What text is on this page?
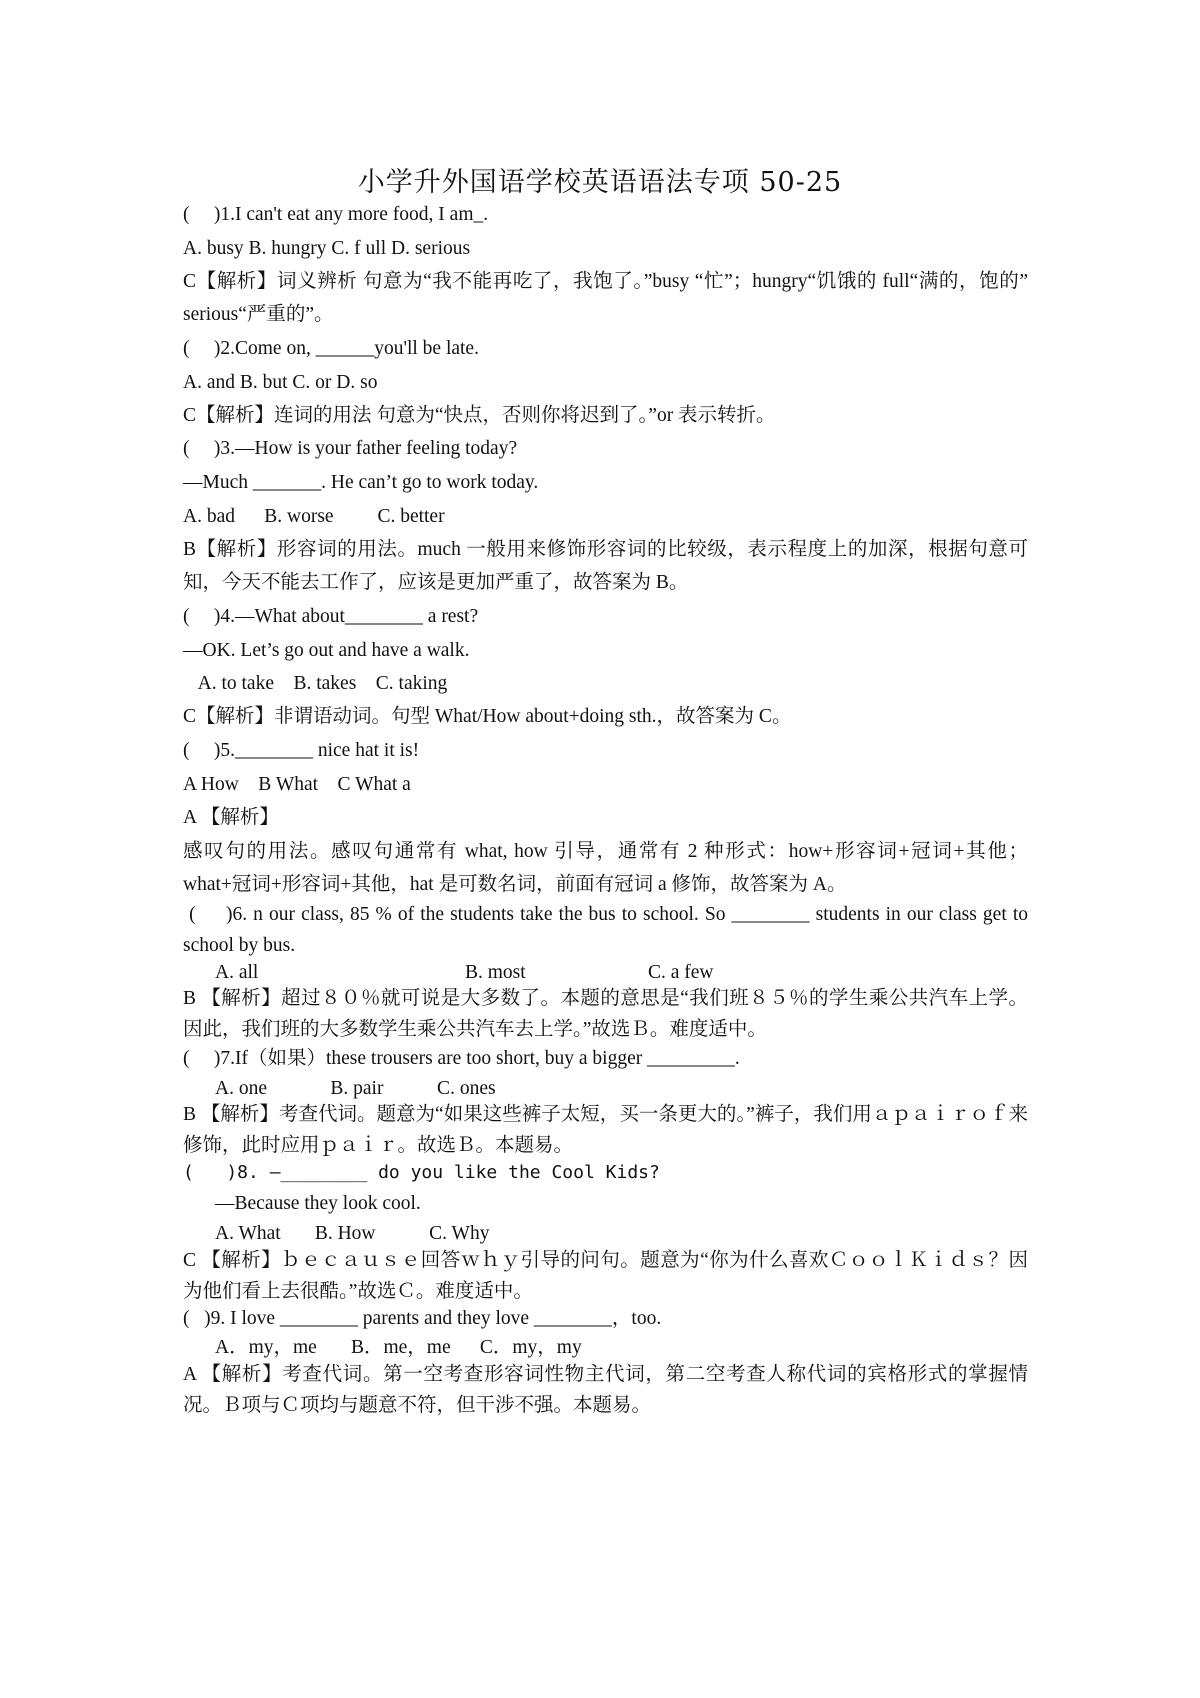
小学升外国语学校英语语法专项 50-25
(     )1.I can't eat any more food, I am_.
A. busy B. hungry C. f ull D. serious
C【解析】词义辨析 句意为“我不能再吃了，我饱了。”busy “忙”；hungry“饥饿的 full“满的，饱的” serious“严重的”。
(     )2.Come on, ______you'll be late.
A. and B. but C. or D. so
C【解析】连词的用法 句意为“快点，否则你将迟到了。”or 表示转折。
(     )3.—How is your father feeling today?
—Much _______. He can’t go to work today.
A. bad      B. worse         C. better
B【解析】形容词的用法。much 一般用来修饰形容词的比较级，表示程度上的加深，根据句意可知，今天不能去工作了，应该是更加严重了，故答案为 B。
(     )4.—What about________ a rest?
—OK. Let’s go out and have a walk.
A. to take    B. takes    C. taking
C【解析】非谓语动词。句型 What/How about+doing sth.，故答案为 C。
(     )5.________ nice hat it is!
A How    B What    C What a
A 【解析】
感叹句的用法。感叹句通常有 what, how 引导，通常有 2 种形式：how+形容词+冠词+其他；what+冠词+形容词+其他，hat 是可数名词，前面有冠词 a 修饰，故答案为 A。
(     )6. n our class, 85 % of the students take the bus to school. So ________ students in our class get to school by bus.
A. all	B. most	C. a few
B 【解析】超过８０％就可说是大多数了。本题的意思是“我们班８５％的学生乘公共汽车上学。因此，我们班的大多数学生乘公共汽车去上学。”故选Ｂ。难度适中。
(     )7.If（如果）these trousers are too short, buy a bigger _________.
A. one             B. pair           C. ones
B 【解析】考查代词。题意为“如果这些裤子太短，买一条更大的。”裤子，我们用ａｐａｉｒｏｆ来修饰，此时应用ｐａｉｒ。故选Ｂ。本题易。
(   )8. —________ do you like the Cool Kids?
—Because they look cool.
A. What       B. How           C. Why
C 【解析】ｂｅｃａｕｓｅ回答ｗｈｙ引导的问句。题意为“你为什么喜欢ＣｏｏｌＫｉｄｓ？因为他们看上去很酷。”故选Ｃ。难度适中。
(   )9. I love ________ parents and they love ________，too.
A．my，me       B．me，me      C．my，my
A 【解析】考查代词。第一空考查形容词性物主代词，第二空考查人称代词的宾格形式的掌握情况。Ｂ项与Ｃ项均与题意不符，但干涉不强。本题易。
